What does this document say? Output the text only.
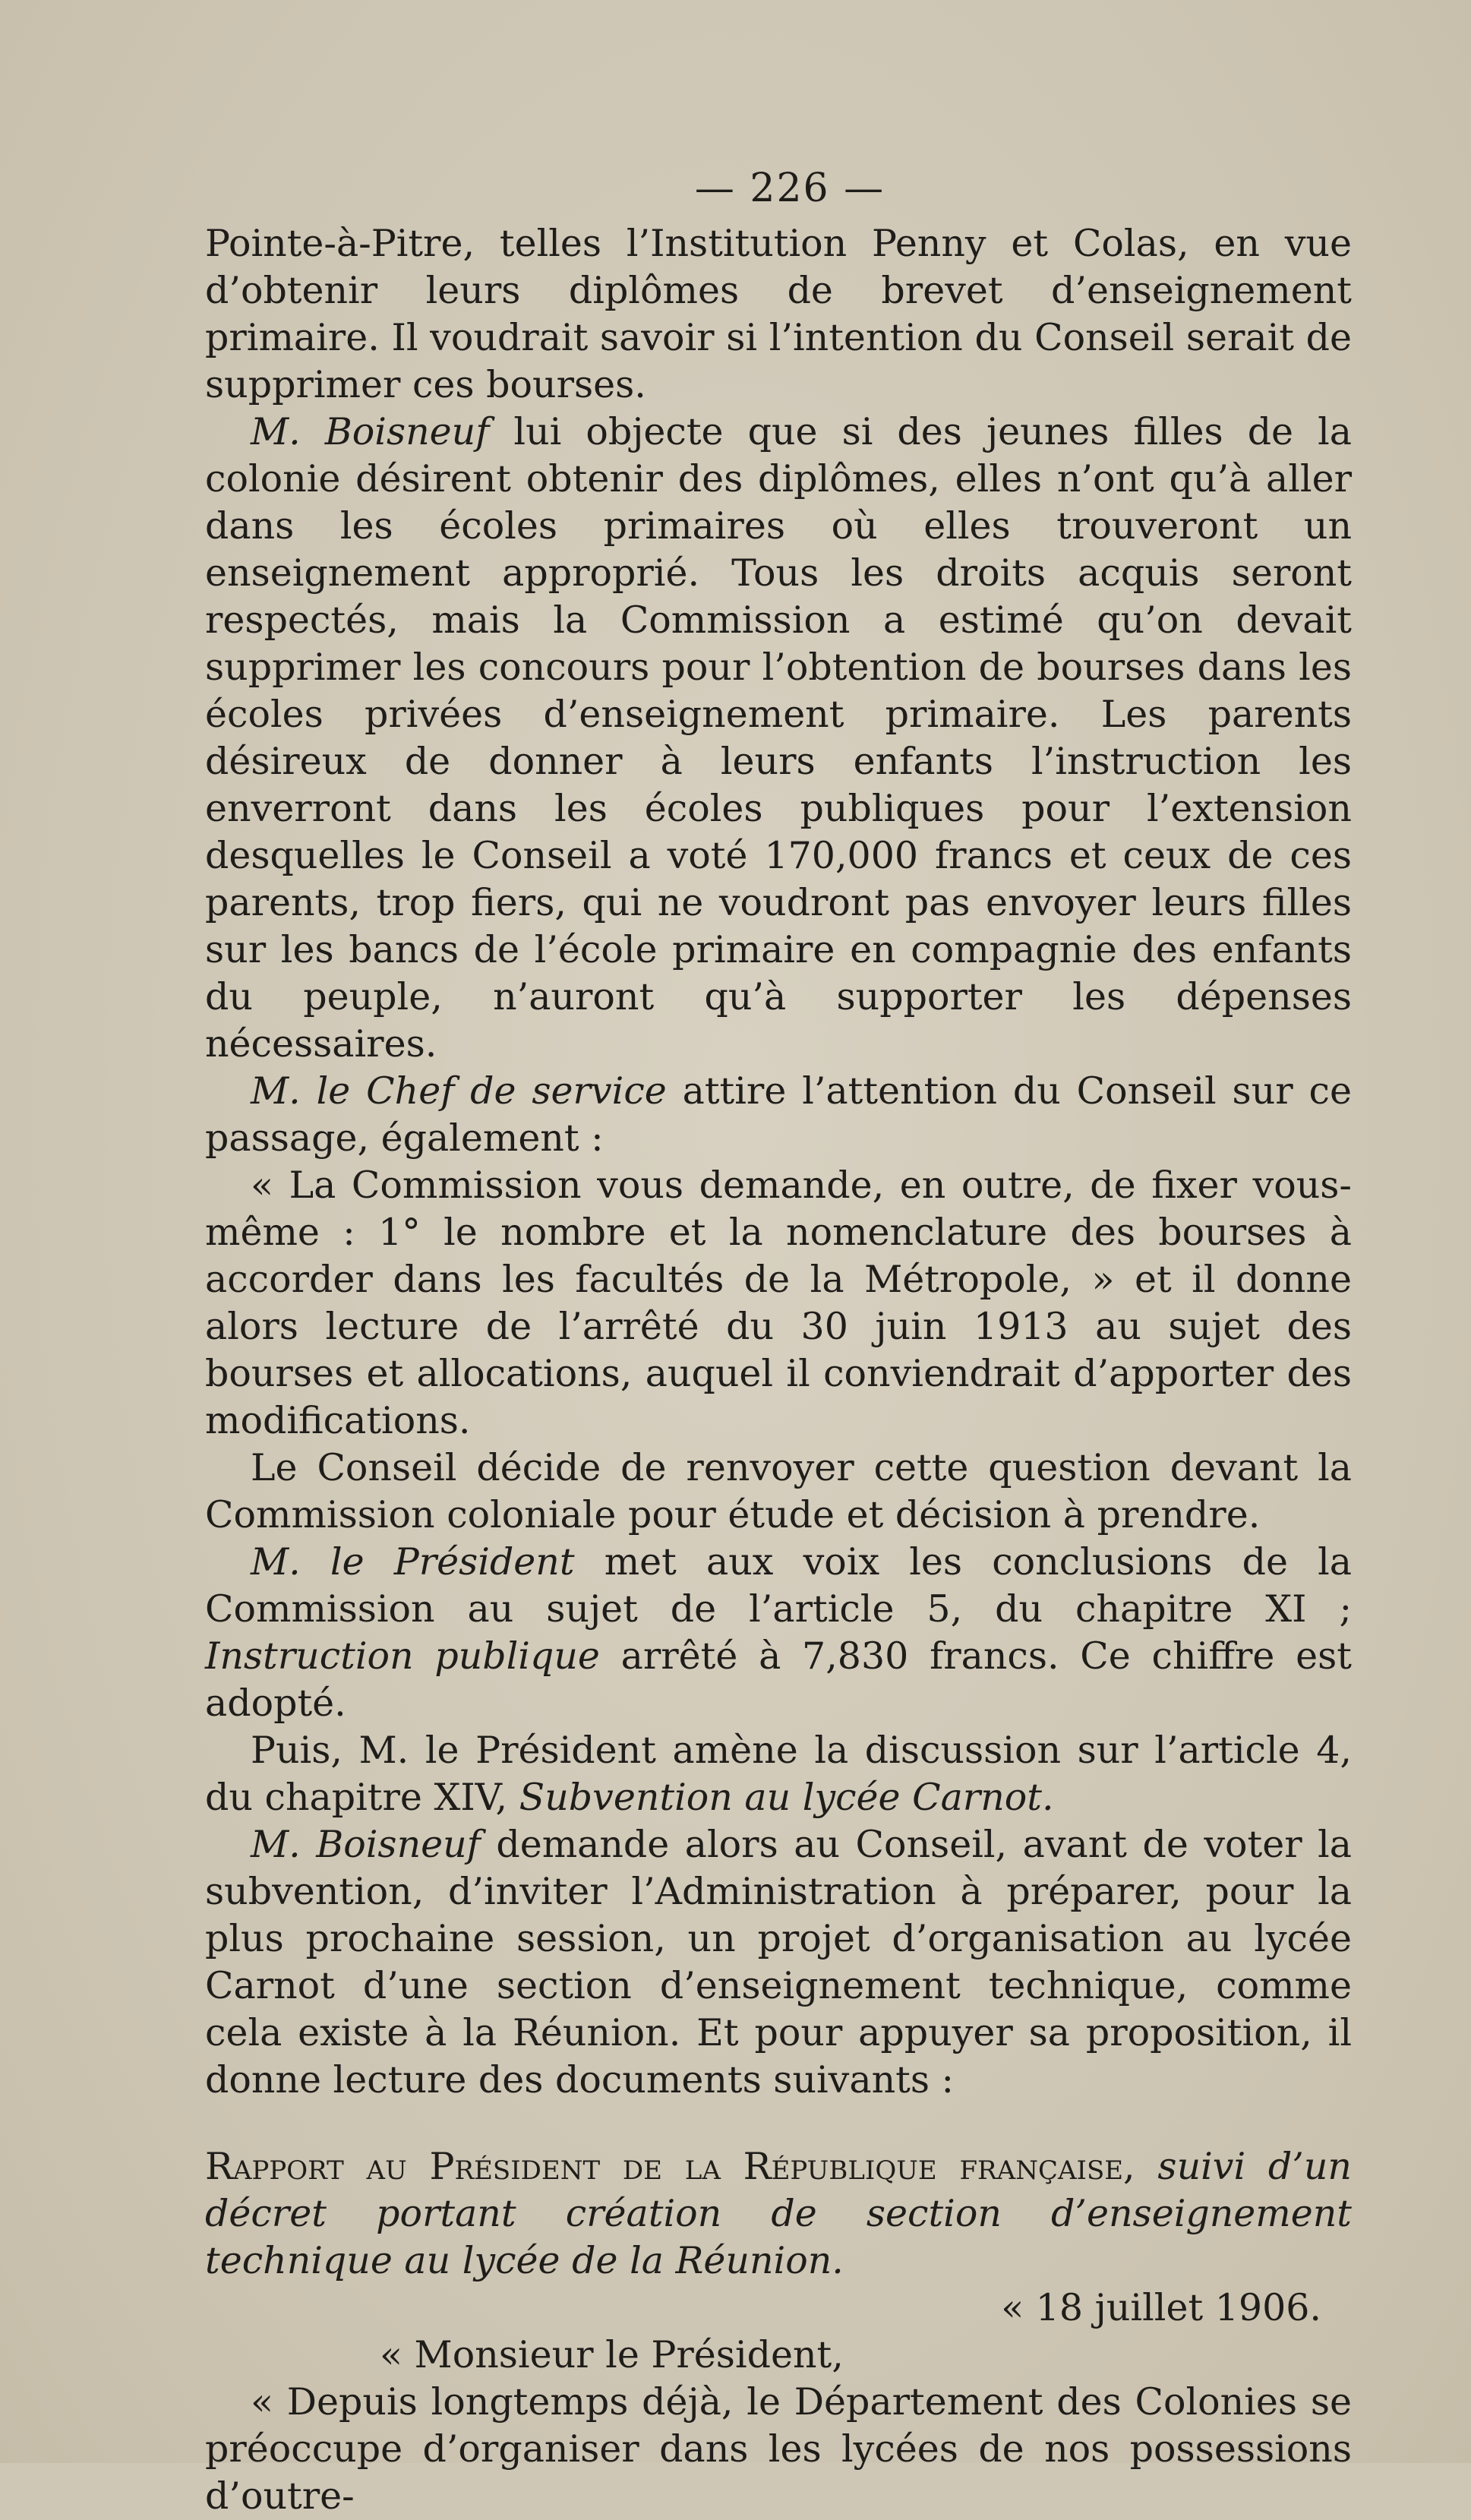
— 226 —

Pointe-à-Pitre, telles l’Institution Penny et Colas, en vue d’obtenir leurs diplômes de brevet d’enseignement primaire. Il voudrait savoir si l’intention du Conseil serait de supprimer ces bourses.

M. Boisneuf lui objecte que si des jeunes filles de la colonie désirent obtenir des diplômes, elles n’ont qu’à aller dans les écoles primaires où elles trouveront un enseignement approprié. Tous les droits acquis seront respectés, mais la Commission a estimé qu’on devait supprimer les concours pour l’obtention de bourses dans les écoles privées d’enseignement primaire. Les parents désireux de donner à leurs enfants l’instruction les enverront dans les écoles publiques pour l’extension desquelles le Conseil a voté 170,000 francs et ceux de ces parents, trop fiers, qui ne voudront pas envoyer leurs filles sur les bancs de l’école primaire en compagnie des enfants du peuple, n’auront qu’à supporter les dépenses nécessaires.

M. le Chef de service attire l’attention du Conseil sur ce passage, également :

« La Commission vous demande, en outre, de fixer vous-même : 1° le nombre et la nomenclature des bourses à accorder dans les facultés de la Métropole, » et il donne alors lecture de l’arrêté du 30 juin 1913 au sujet des bourses et allocations, auquel il conviendrait d’apporter des modifications.

Le Conseil décide de renvoyer cette question devant la Commission coloniale pour étude et décision à prendre.

M. le Président met aux voix les conclusions de la Commission au sujet de l’article 5, du chapitre XI ; Instruction publique arrêté à 7,830 francs. Ce chiffre est adopté.

Puis, M. le Président amène la discussion sur l’article 4, du chapitre XIV, Subvention au lycée Carnot.

M. Boisneuf demande alors au Conseil, avant de voter la subvention, d’inviter l’Administration à préparer, pour la plus prochaine session, un projet d’organisation au lycée Carnot d’une section d’enseignement technique, comme cela existe à la Réunion. Et pour appuyer sa proposition, il donne lecture des documents suivants :

Rapport au Président de la République française, suivi d’un décret portant création de section d’enseignement technique au lycée de la Réunion.

« 18 juillet 1906.

« Monsieur le Président,

« Depuis longtemps déjà, le Département des Colonies se préoccupe d’organiser dans les lycées de nos possessions d’outre-
